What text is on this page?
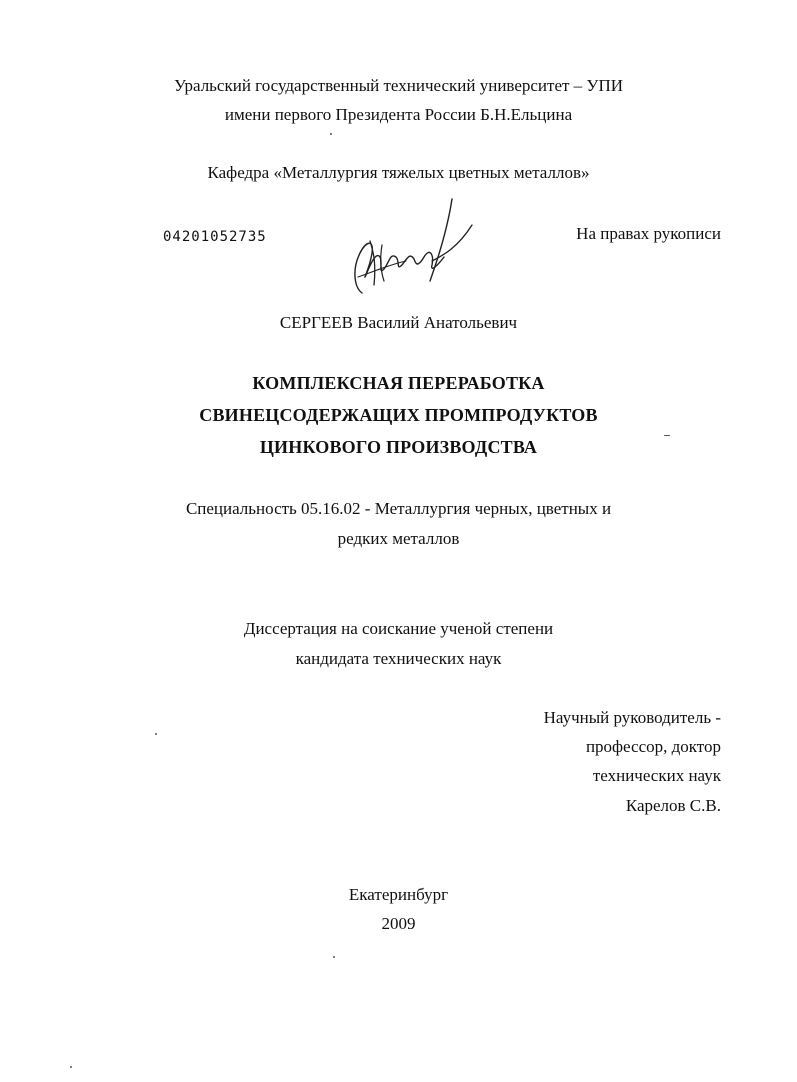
Уральский государственный технический университет – УПИ
имени первого Президента России Б.Н.Ельцина
Кафедра «Металлургия тяжелых цветных металлов»
04201052735	На правах рукописи
СЕРГЕЕВ Василий Анатольевич
КОМПЛЕКСНАЯ ПЕРЕРАБОТКА
СВИНЕЦСОДЕРЖАЩИХ ПРОМПРОДУКТОВ
ЦИНКОВОГО ПРОИЗВОДСТВА
Специальность 05.16.02 - Металлургия черных, цветных и
редких металлов
Диссертация на соискание ученой степени
кандидата технических наук
Научный руководитель -
профессор, доктор
технических наук
Карелов С.В.
Екатеринбург
2009
